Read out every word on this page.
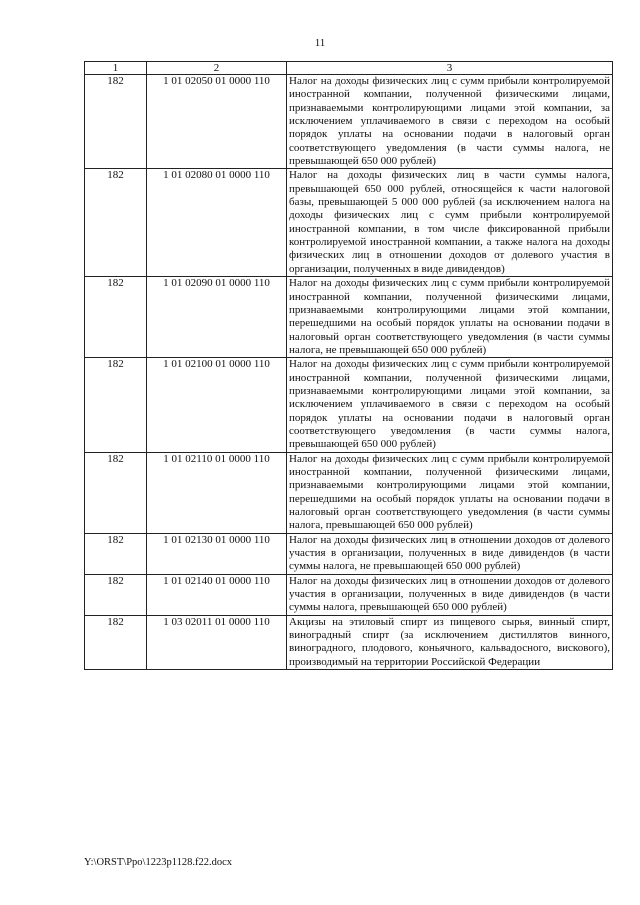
11
1	2	3
182	1 01 02050 01 0000 110	Налог на доходы физических лиц с сумм прибыли контролируемой иностранной компании, полученной физическими лицами, признаваемыми контролирующими лицами этой компании, за исключением уплачиваемого в связи с переходом на особый порядок уплаты на основании подачи в налоговый орган соответствующего уведомления (в части суммы налога, не превышающей 650 000 рублей)
182	1 01 02080 01 0000 110	Налог на доходы физических лиц в части суммы налога, превышающей 650 000 рублей, относящейся к части налоговой базы, превышающей 5 000 000 рублей (за исключением налога на доходы физических лиц с сумм прибыли контролируемой иностранной компании, в том числе фиксированной прибыли контролируемой иностранной компании, а также налога на доходы физических лиц в отношении доходов от долевого участия в организации, полученных в виде дивидендов)
182	1 01 02090 01 0000 110	Налог на доходы физических лиц с сумм прибыли контролируемой иностранной компании, полученной физическими лицами, признаваемыми контролирующими лицами этой компании, перешедшими на особый порядок уплаты на основании подачи в налоговый орган соответствующего уведомления (в части суммы налога, не превышающей 650 000 рублей)
182	1 01 02100 01 0000 110	Налог на доходы физических лиц с сумм прибыли контролируемой иностранной компании, полученной физическими лицами, признаваемыми контролирующими лицами этой компании, за исключением уплачиваемого в связи с переходом на особый порядок уплаты на основании подачи в налоговый орган соответствующего уведомления (в части суммы налога, превышающей 650 000 рублей)
182	1 01 02110 01 0000 110	Налог на доходы физических лиц с сумм прибыли контролируемой иностранной компании, полученной физическими лицами, признаваемыми контролирующими лицами этой компании, перешедшими на особый порядок уплаты на основании подачи в налоговый орган соответствующего уведомления (в части суммы налога, превышающей 650 000 рублей)
182	1 01 02130 01 0000 110	Налог на доходы физических лиц в отношении доходов от долевого участия в организации, полученных в виде дивидендов (в части суммы налога, не превышающей 650 000 рублей)
182	1 01 02140 01 0000 110	Налог на доходы физических лиц в отношении доходов от долевого участия в организации, полученных в виде дивидендов (в части суммы налога, превышающей 650 000 рублей)
182	1 03 02011 01 0000 110	Акцизы на этиловый спирт из пищевого сырья, винный спирт, виноградный спирт (за исключением дистиллятов винного, виноградного, плодового, коньячного, кальвадосного, вискового), производимый на территории Российской Федерации
Y:\ORST\Ppo\1223p1128.f22.docx
